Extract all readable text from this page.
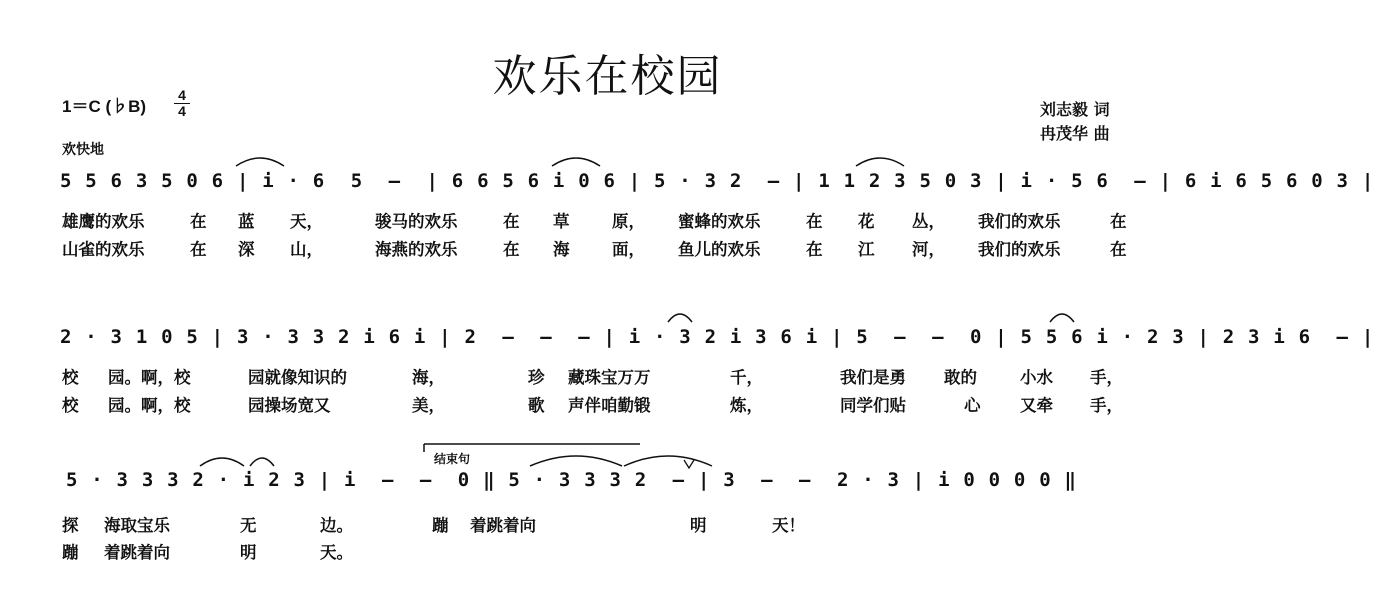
欢乐在校园
1＝C (♭B)
4
4	刘志毅 词
冉茂华 曲
欢快地
5 5 6 3 5 0 6 | i · 6  5  –  | 6 6 5 6 i 0 6 | 5 · 3 2  – | 1 1 2 3 5 0 3 | i · 5 6  – | 6 i 6 5 6 0 3 |
雄鹰的欢乐	在 蓝 天，	骏马的欢乐	在 草	原， 蜜蜂的欢乐	在 花 丛， 我们的欢乐	在
山雀的欢乐	在 深 山，	海燕的欢乐	在 海	面， 鱼儿的欢乐	在 江 河， 我们的欢乐	在
2 · 3 1 0 5 | 3 · 3 3 2 i 6 i | 2  –  –  – | i · 3 2 i 3 6 i | 5  –  –  0 | 5 5 6 i · 2 3 | 2 3 i 6  – |
校 园。啊，校	园就像知识的	海，	珍 藏珠宝万万	千，	我们是勇 敢的	小水 手，
校 园。啊，校	园操场宽又	美，	歌 声伴咱勤锻	炼，	同学们贴	心 又牵 手，
结束句
5 · 3 3 3 2 · i 2 3 | i  –  –  0 ‖ 5 · 3 3 3 2  – | 3  –  –  2 · 3 | i 0 0 0 0 ‖
探 海取宝乐	无	边。	蹦 着跳着向	明	天！
蹦 着跳着向	明	天。
